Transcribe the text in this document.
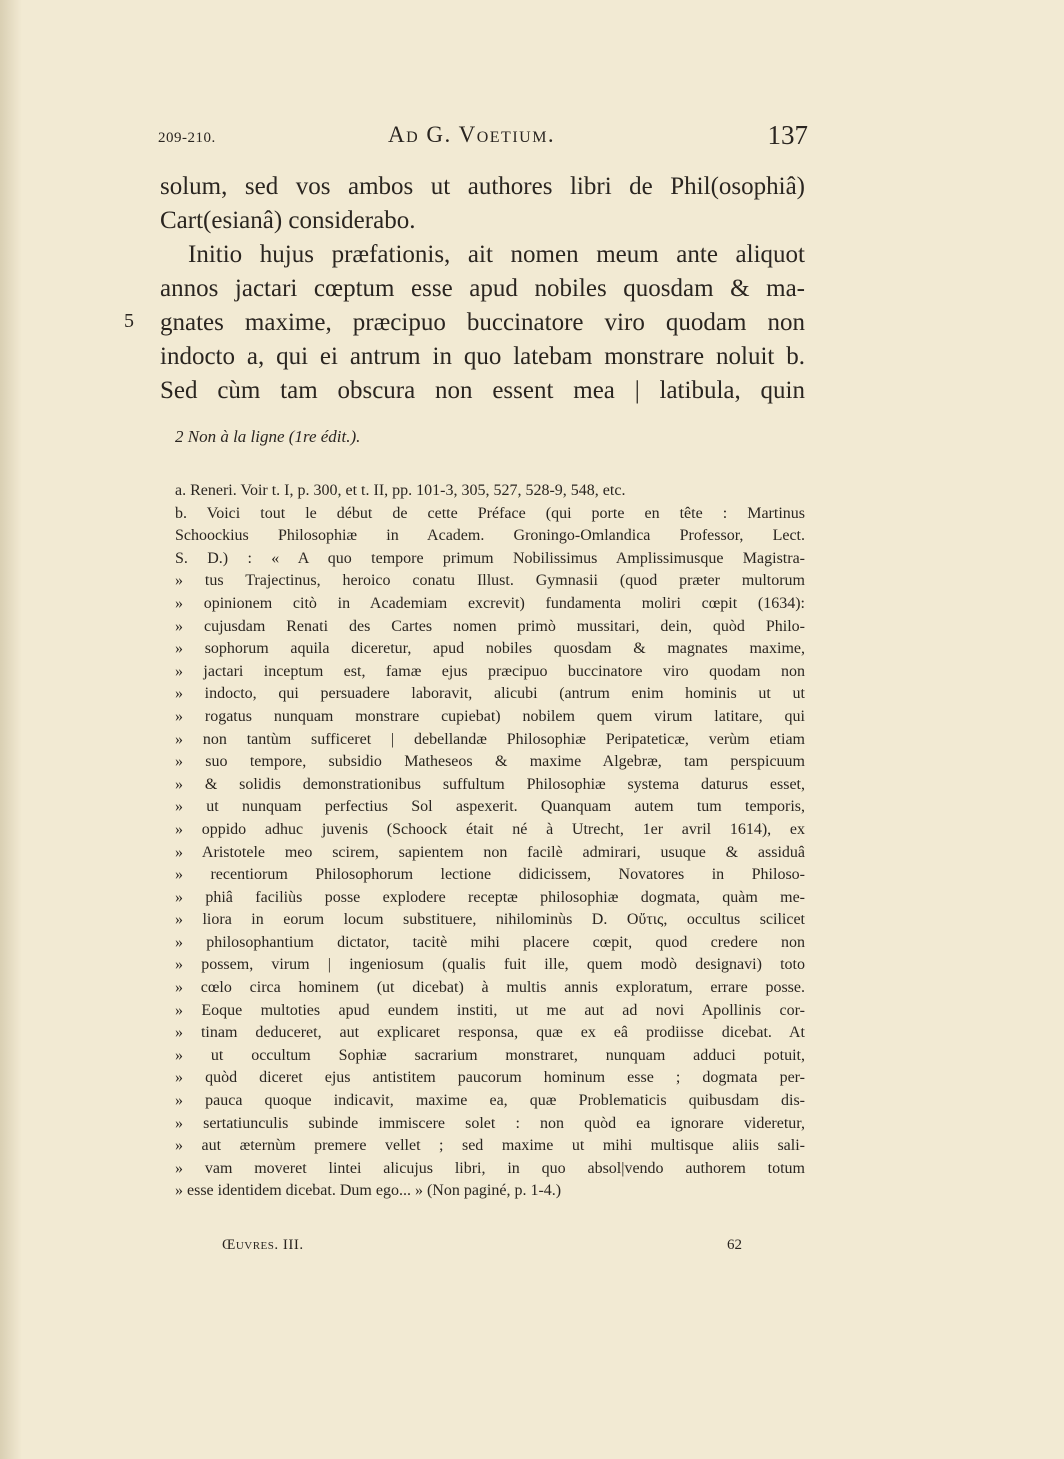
209-210.	Ad G. Voetium.	137
5
solum, sed vos ambos ut authores libri de Phil(osophiâ)
Cart(esianâ) considerabo.
Initio hujus præfationis, ait nomen meum ante aliquot
annos jactari cœptum esse apud nobiles quosdam & ma-
gnates maxime, præcipuo buccinatore viro quodam non
indocto a, qui ei antrum in quo latebam monstrare noluit b.
Sed cùm tam obscura non essent mea | latibula, quin
2 Non à la ligne (1re édit.).
a. Reneri. Voir t. I, p. 300, et t. II, pp. 101-3, 305, 527, 528-9, 548, etc.
b. Voici tout le début de cette Préface (qui porte en tête : Martinus
Schoockius Philosophiæ in Academ. Groningo-Omlandica Professor, Lect.
S. D.) : « A quo tempore primum Nobilissimus Amplissimusque Magistra-
» tus Trajectinus, heroico conatu Illust. Gymnasii (quod præter multorum
» opinionem citò in Academiam excrevit) fundamenta moliri cœpit (1634):
» cujusdam Renati des Cartes nomen primò mussitari, dein, quòd Philo-
» sophorum aquila diceretur, apud nobiles quosdam & magnates maxime,
» jactari inceptum est, famæ ejus præcipuo buccinatore viro quodam non
» indocto, qui persuadere laboravit, alicubi (antrum enim hominis ut ut
» rogatus nunquam monstrare cupiebat) nobilem quem virum latitare, qui
» non tantùm sufficeret | debellandæ Philosophiæ Peripateticæ, verùm etiam
» suo tempore, subsidio Matheseos & maxime Algebræ, tam perspicuum
» & solidis demonstrationibus suffultum Philosophiæ systema daturus esset,
» ut nunquam perfectius Sol aspexerit. Quanquam autem tum temporis,
» oppido adhuc juvenis (Schoock était né à Utrecht, 1er avril 1614), ex
» Aristotele meo scirem, sapientem non facilè admirari, usuque & assiduâ
» recentiorum Philosophorum lectione didicissem, Novatores in Philoso-
» phiâ faciliùs posse explodere receptæ philosophiæ dogmata, quàm me-
» liora in eorum locum substituere, nihilominùs D. Οὔτις, occultus scilicet
» philosophantium dictator, tacitè mihi placere cœpit, quod credere non
» possem, virum | ingeniosum (qualis fuit ille, quem modò designavi) toto
» cœlo circa hominem (ut dicebat) à multis annis exploratum, errare posse.
» Eoque multoties apud eundem institi, ut me aut ad novi Apollinis cor-
» tinam deduceret, aut explicaret responsa, quæ ex eâ prodiisse dicebat. At
» ut occultum Sophiæ sacrarium monstraret, nunquam adduci potuit,
» quòd diceret ejus antistitem paucorum hominum esse ; dogmata per-
» pauca quoque indicavit, maxime ea, quæ Problematicis quibusdam dis-
» sertatiunculis subinde immiscere solet : non quòd ea ignorare videretur,
» aut æternùm premere vellet ; sed maxime ut mihi multisque aliis sali-
» vam moveret lintei alicujus libri, in quo absol|vendo authorem totum
» esse identidem dicebat. Dum ego... » (Non paginé, p. 1-4.)
Œuvres. III.	62
